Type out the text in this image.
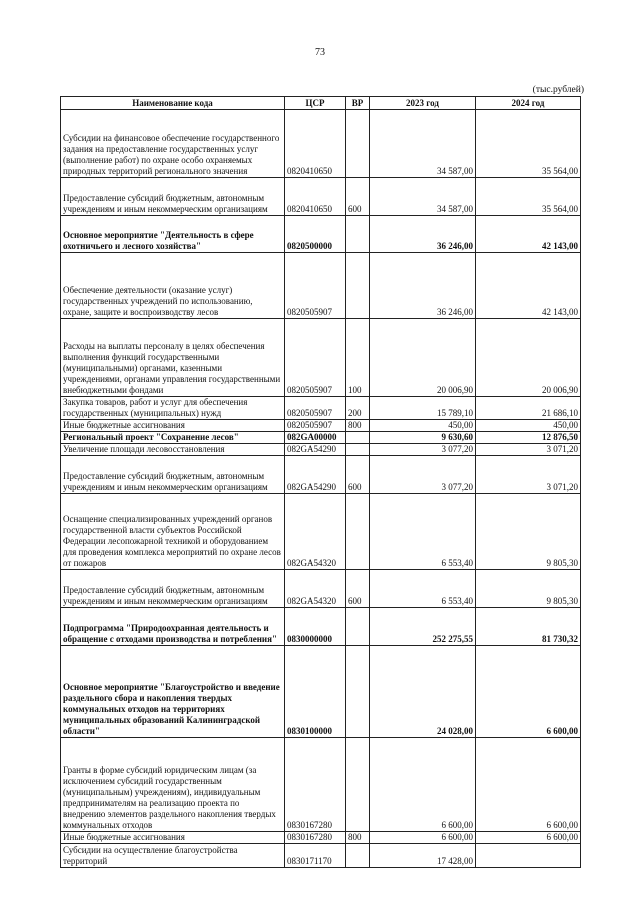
73
(тыс.рублей)
Наименование кода	ЦСР	ВР	2023 год	2024 год
Субсидии на финансовое обеспечение государственного задания на предоставление государственных услуг (выполнение работ) по охране особо охраняемых природных территорий регионального значения	0820410650		34 587,00	35 564,00
Предоставление субсидий бюджетным, автономным учреждениям и иным некоммерческим организациям	0820410650	600	34 587,00	35 564,00
Основное мероприятие "Деятельность в сфере охотничьего и лесного хозяйства"	0820500000		36 246,00	42 143,00
Обеспечение деятельности (оказание услуг) государственных учреждений по использованию, охране, защите и воспроизводству лесов	0820505907		36 246,00	42 143,00
Расходы на выплаты персоналу в целях обеспечения выполнения функций государственными (муниципальными) органами, казенными учреждениями, органами управления государственными внебюджетными фондами	0820505907	100	20 006,90	20 006,90
Закупка товаров, работ и услуг для обеспечения государственных (муниципальных) нужд	0820505907	200	15 789,10	21 686,10
Иные бюджетные ассигнования	0820505907	800	450,00	450,00
Региональный проект "Сохранение лесов"	082GA00000		9 630,60	12 876,50
Увеличение площади лесовосстановления	082GA54290		3 077,20	3 071,20
Предоставление субсидий бюджетным, автономным учреждениям и иным некоммерческим организациям	082GA54290	600	3 077,20	3 071,20
Оснащение специализированных учреждений органов государственной власти субъектов Российской Федерации лесопожарной техникой и оборудованием для проведения комплекса мероприятий по охране лесов от пожаров	082GA54320		6 553,40	9 805,30
Предоставление субсидий бюджетным, автономным учреждениям и иным некоммерческим организациям	082GA54320	600	6 553,40	9 805,30
Подпрограмма "Природоохранная деятельность и обращение с отходами производства и потребления"	0830000000		252 275,55	81 730,32
Основное мероприятие "Благоустройство и введение раздельного сбора и накопления твердых коммунальных отходов на территориях муниципальных образований Калининградской области"	0830100000		24 028,00	6 600,00
Гранты в форме субсидий юридическим лицам (за исключением субсидий государственным (муниципальным) учреждениям), индивидуальным предпринимателям на реализацию проекта по внедрению элементов раздельного накопления твердых коммунальных отходов	0830167280		6 600,00	6 600,00
Иные бюджетные ассигнования	0830167280	800	6 600,00	6 600,00
Субсидии на осуществление благоустройства территорий	0830171170		17 428,00	
